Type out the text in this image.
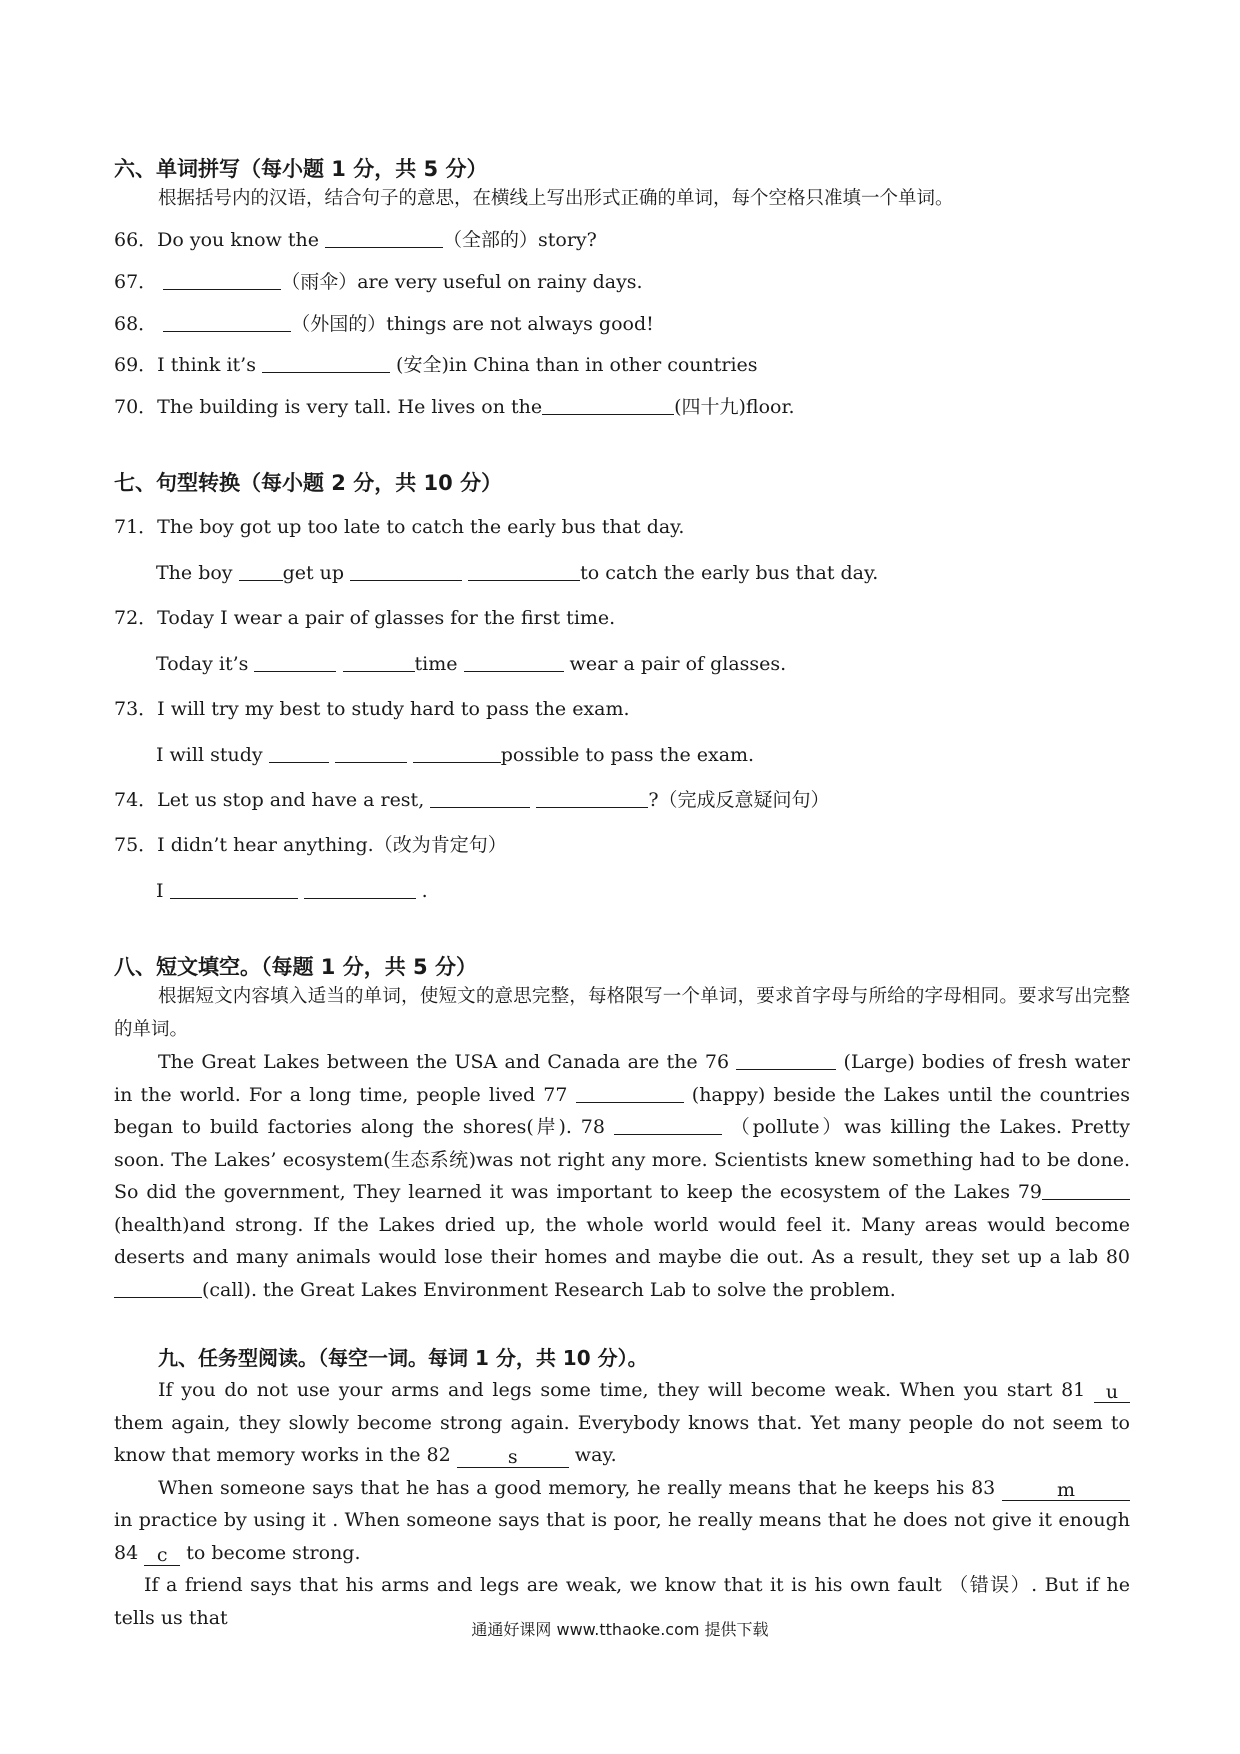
六、单词拼写（每小题 1 分，共 5 分）
根据括号内的汉语，结合句子的意思，在横线上写出形式正确的单词，每个空格只准填一个单词。
66．Do you know the	（全部的）story?
67．	（雨伞）are very useful on rainy days.
68．	（外国的）things are not always good!
69．I think it’s	(安全)in China than in other countries
70．The building is very tall. He lives on the	(四十九)floor.
七、句型转换（每小题 2 分，共 10 分）
71．The boy got up too late to catch the early bus that day.
The boy get up	to catch the early bus that day.
72．Today I wear a pair of glasses for the first time.
Today it’s	time	wear a pair of glasses.
73．I will try my best to study hard to pass the exam.
I will study	possible to pass the exam.
74．Let us stop and have a rest,	?（完成反意疑问句）
75．I didn’t hear anything.（改为肯定句）
I	.
八、短文填空。（每题 1 分，共 5 分）

根据短文内容填入适当的单词，使短文的意思完整，每格限写一个单词，要求首字母与所给的字母相同。要求写出完整的单词。

The Great Lakes between the USA and Canada are the 76	(Large) bodies of fresh water in the world. For a long time, people lived 77	(happy) beside the Lakes until the countries began to build factories along the shores(岸). 78	（pollute）was killing the Lakes. Pretty soon. The Lakes’ ecosystem(生态系统)was not right any more. Scientists knew something had to be done. So did the government, They learned it was important to keep the ecosystem of the Lakes 79 (health)and strong. If the Lakes dried up, the whole world would feel it. Many areas would become deserts and many animals would lose their homes and maybe die out. As a result, they set up a lab 80 (call). the Great Lakes Environment Research Lab to solve the problem.

九、任务型阅读。（每空一词。每词 1 分，共 10 分）。

If you do not use your arms and legs some time, they will become weak. When you start 81 u them again, they slowly become strong again. Everybody knows that. Yet many people do not seem to know that memory works in the 82	s	way.

When someone says that he has a good memory, he really means that he keeps his 83	m in practice by using it . When someone says that is poor, he really means that he does not give it enough 84 c to become strong.

If a friend says that his arms and legs are weak, we know that it is his own fault （错误）. But if he tells us that

通通好课网 www.tthaoke.com 提供下载
